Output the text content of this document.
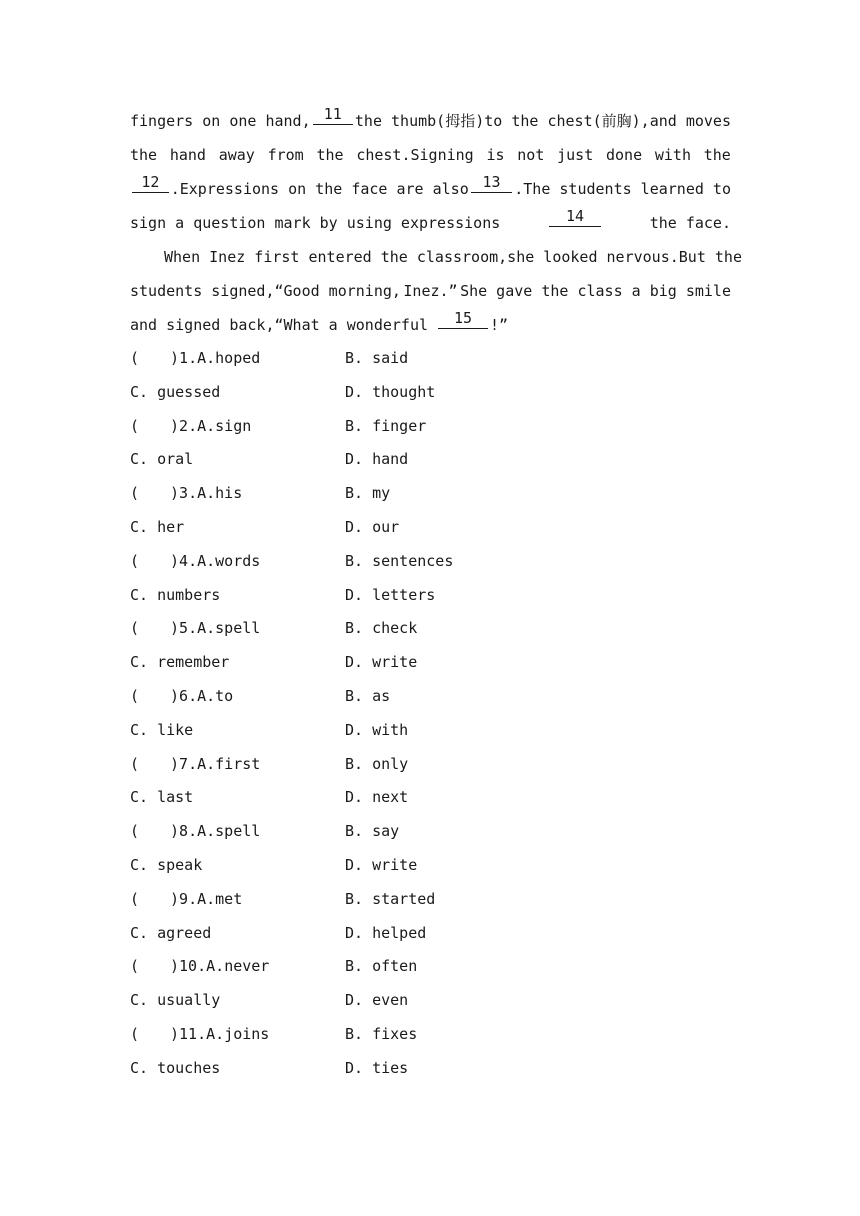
fingers on one hand, 11 the thumb(拇指)to the chest(前胸), and moves
the hand away from the chest.Signing is not just done with the
12 .Expressions on the face are also 13 .The students learned to
sign a question mark by using expressions	14	the face.
When Inez first entered the classroom, she looked nervous.But the
students signed,“Good morning, Inez.” She gave the class a big smile
and signed back,“What a wonderful	15	!”
( )1.A.hoped	B. said
C. guessed	D. thought
( )2.A.sign	B. finger
C. oral	D. hand
( )3.A.his	B. my
C. her	D. our
( )4.A.words	B. sentences
C. numbers	D. letters
( )5.A.spell	B. check
C. remember	D. write
( )6.A.to	B. as
C. like	D. with
( )7.A.first	B. only
C. last	D. next
( )8.A.spell	B. say
C. speak	D. write
( )9.A.met	B. started
C. agreed	D. helped
( )10.A.never	B. often
C. usually	D. even
( )11.A.joins	B. fixes
C. touches	D. ties
